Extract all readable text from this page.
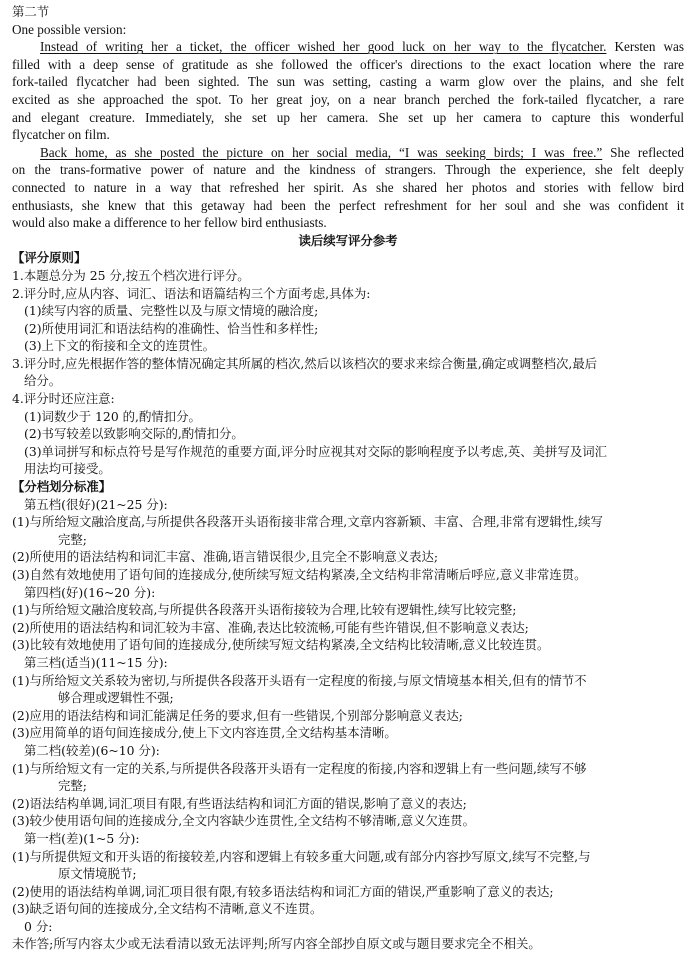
第二节
One possible version:
Instead of writing her a ticket, the officer wished her good luck on her way to the flycatcher. Kersten was
filled with a deep sense of gratitude as she followed the officer's directions to the exact location where the rare
fork-tailed flycatcher had been sighted. The sun was setting, casting a warm glow over the plains, and she felt
excited as she approached the spot. To her great joy, on a near branch perched the fork-tailed flycatcher, a rare
and elegant creature. Immediately, she set up her camera. She set up her camera to capture this wonderful
flycatcher on film.
Back home, as she posted the picture on her social media, “I was seeking birds; I was free.” She reflected
on the trans-formative power of nature and the kindness of strangers. Through the experience, she felt deeply
connected to nature in a way that refreshed her spirit. As she shared her photos and stories with fellow bird
enthusiasts, she knew that this getaway had been the perfect refreshment for her soul and she was confident it
would also make a difference to her fellow bird enthusiasts.
读后续写评分参考
【评分原则】
1.本题总分为 25 分,按五个档次进行评分。
2.评分时,应从内容、词汇、语法和语篇结构三个方面考虑,具体为:
(1)续写内容的质量、完整性以及与原文情境的融洽度;
(2)所使用词汇和语法结构的准确性、恰当性和多样性;
(3)上下文的衔接和全文的连贯性。
3.评分时,应先根据作答的整体情况确定其所属的档次,然后以该档次的要求来综合衡量,确定或调整档次,最后
给分。
4.评分时还应注意:
(1)词数少于 120 的,酌情扣分。
(2)书写较差以致影响交际的,酌情扣分。
(3)单词拼写和标点符号是写作规范的重要方面,评分时应视其对交际的影响程度予以考虑,英、美拼写及词汇
用法均可接受。
【分档划分标准】
第五档(很好)(21~25 分):
(1)与所给短文融洽度高,与所提供各段落开头语衔接非常合理,文章内容新颖、丰富、合理,非常有逻辑性,续写
完整;
(2)所使用的语法结构和词汇丰富、准确,语言错误很少,且完全不影响意义表达;
(3)自然有效地使用了语句间的连接成分,使所续写短文结构紧凑,全文结构非常清晰后呼应,意义非常连贯。
第四档(好)(16~20 分):
(1)与所给短文融洽度较高,与所提供各段落开头语衔接较为合理,比较有逻辑性,续写比较完整;
(2)所使用的语法结构和词汇较为丰富、准确,表达比较流畅,可能有些许错误,但不影响意义表达;
(3)比较有效地使用了语句间的连接成分,使所续写短文结构紧凑,全文结构比较清晰,意义比较连贯。
第三档(适当)(11~15 分):
(1)与所给短文关系较为密切,与所提供各段落开头语有一定程度的衔接,与原文情境基本相关,但有的情节不
够合理或逻辑性不强;
(2)应用的语法结构和词汇能满足任务的要求,但有一些错误,个别部分影响意义表达;
(3)应用简单的语句间连接成分,使上下文内容连贯,全文结构基本清晰。
第二档(较差)(6~10 分):
(1)与所给短文有一定的关系,与所提供各段落开头语有一定程度的衔接,内容和逻辑上有一些问题,续写不够
完整;
(2)语法结构单调,词汇项目有限,有些语法结构和词汇方面的错误,影响了意义的表达;
(3)较少使用语句间的连接成分,全文内容缺少连贯性,全文结构不够清晰,意义欠连贯。
第一档(差)(1~5 分):
(1)与所提供短文和开头语的衔接较差,内容和逻辑上有较多重大问题,或有部分内容抄写原文,续写不完整,与
原文情境脱节;
(2)使用的语法结构单调,词汇项目很有限,有较多语法结构和词汇方面的错误,严重影响了意义的表达;
(3)缺乏语句间的连接成分,全文结构不清晰,意义不连贯。
0 分:
未作答;所写内容太少或无法看清以致无法评判;所写内容全部抄自原文或与题目要求完全不相关。
